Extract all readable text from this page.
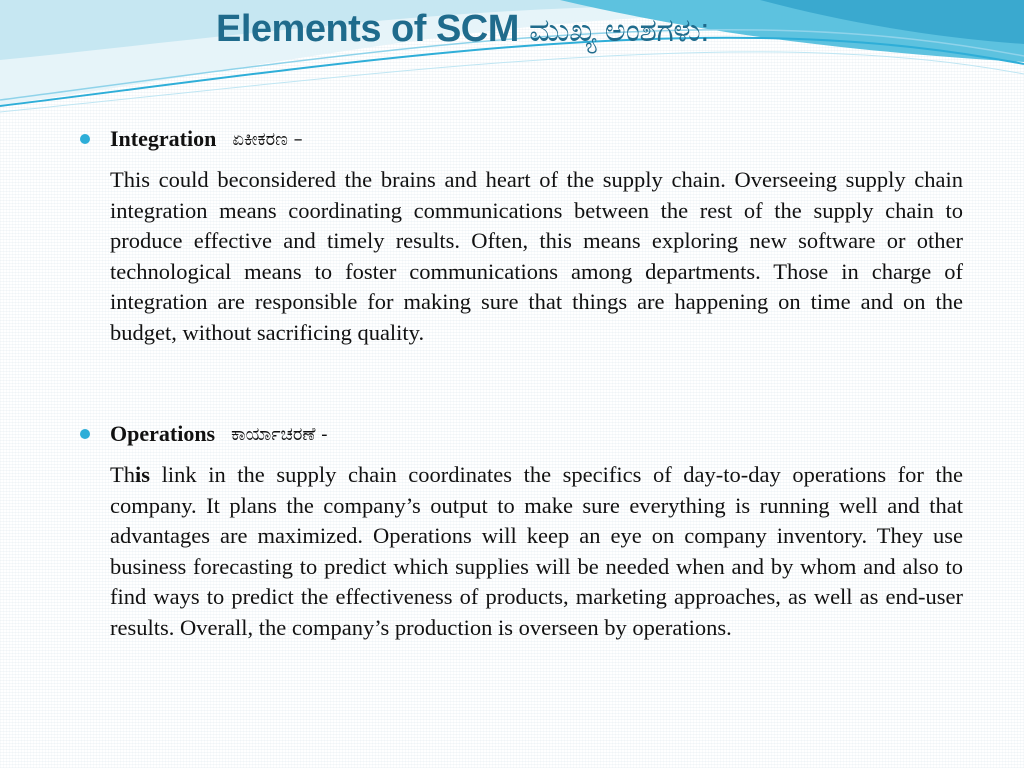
Elements of SCM ಮುಖ್ಯ ಅಂಶಗಳು:
Integration ಏಕೀಕರಣ –

This could beconsidered the brains and heart of the supply chain. Overseeing supply chain integration means coordinating communications between the rest of the supply chain to produce effective and timely results. Often, this means exploring new software or other technological means to foster communications among departments. Those in charge of integration are responsible for making sure that things are happening on time and on the budget, without sacrificing quality.

Operations ಕಾರ್ಯಾಚರಣೆ -

This link in the supply chain coordinates the specifics of day-to-day operations for the company. It plans the company’s output to make sure everything is running well and that advantages are maximized. Operations will keep an eye on company inventory. They use business forecasting to predict which supplies will be needed when and by whom and also to find ways to predict the effectiveness of products, marketing approaches, as well as end-user results. Overall, the company’s production is overseen by operations.
